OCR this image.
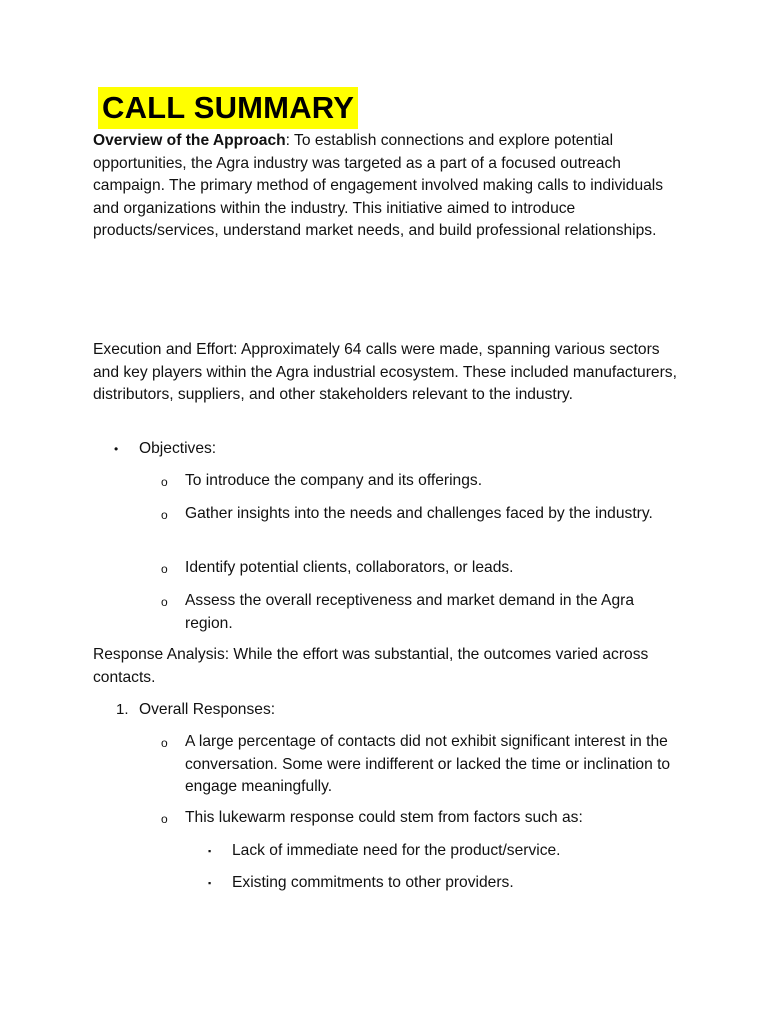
CALL SUMMARY

Overview of the Approach: To establish connections and explore potential opportunities, the Agra industry was targeted as a part of a focused outreach campaign. The primary method of engagement involved making calls to individuals and organizations within the industry. This initiative aimed to introduce products/services, understand market needs, and build professional relationships.

Execution and Effort: Approximately 64 calls were made, spanning various sectors and key players within the Agra industrial ecosystem. These included manufacturers, distributors, suppliers, and other stakeholders relevant to the industry.

• Objectives:
o To introduce the company and its offerings.
o Gather insights into the needs and challenges faced by the industry.
o Identify potential clients, collaborators, or leads.
o Assess the overall receptiveness and market demand in the Agra region.

Response Analysis: While the effort was substantial, the outcomes varied across contacts.

1. Overall Responses:
o A large percentage of contacts did not exhibit significant interest in the conversation. Some were indifferent or lacked the time or inclination to engage meaningfully.
o This lukewarm response could stem from factors such as:
▪ Lack of immediate need for the product/service.
▪ Existing commitments to other providers.
